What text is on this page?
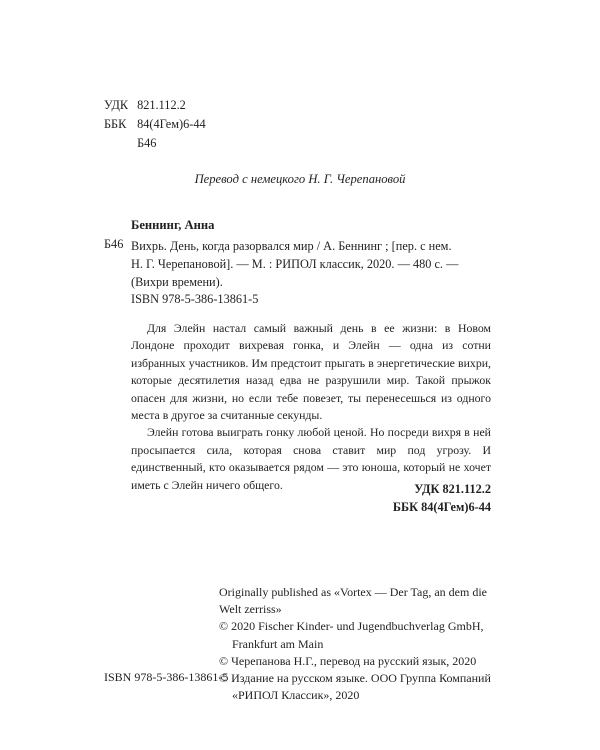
УДК 821.112.2
ББК 84(4Гем)6-44
Б46
Перевод с немецкого Н. Г. Черепановой
Беннинг, Анна
Б46 Вихрь. День, когда разорвался мир / А. Беннинг ; [пер. с нем.
Н. Г. Черепановой]. — М. : РИПОЛ классик, 2020. — 480 с. —
(Вихри времени).
ISBN 978-5-386-13861-5

Для Элейн настал самый важный день в ее жизни: в Новом Лондоне проходит вихревая гонка, и Элейн — одна из сотни избранных участников. Им предстоит прыгать в энергетические вихри, которые десятилетия назад едва не разрушили мир. Такой прыжок опасен для жизни, но если тебе повезет, ты перенесешься из одного места в другое за считанные секунды.

Элейн готова выиграть гонку любой ценой. Но посреди вихря в ней просыпается сила, которая снова ставит мир под угрозу. И единственный, кто оказывается рядом — это юноша, который не хочет иметь с Элейн ничего общего.	УДК 821.112.2
ББК 84(4Гем)6-44
Originally published as «Vortex — Der Tag, an dem die
Welt zerriss»
© 2020 Fischer Kinder- und Jugendbuchverlag GmbH,
Frankfurt am Main
© Черепанова Н.Г., перевод на русский язык, 2020
© Издание на русском языке. ООО Группа Компаний
«РИПОЛ Классик», 2020
ISBN 978-5-386-13861-5
